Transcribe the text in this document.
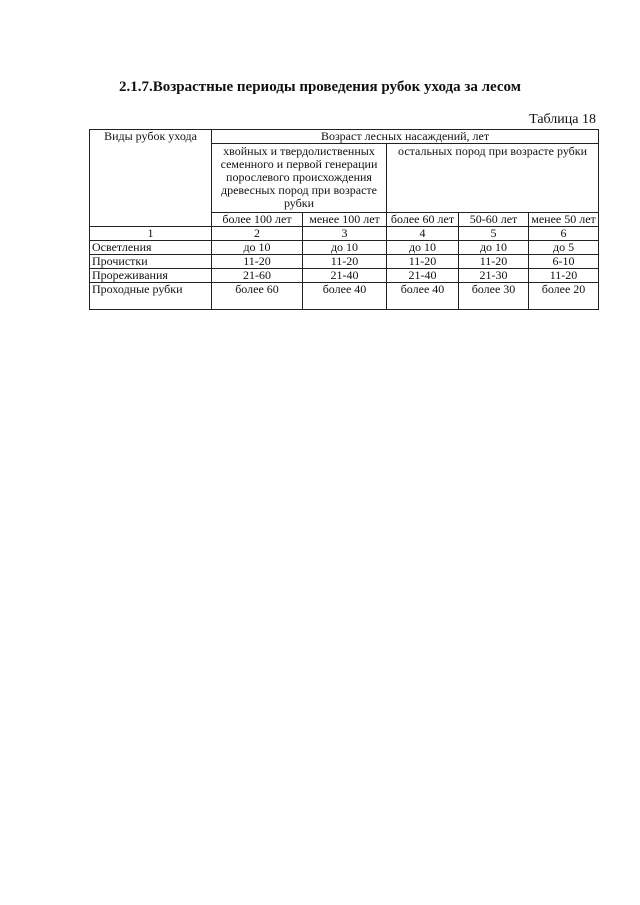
2.1.7.Возрастные периоды проведения рубок ухода за лесом
Таблица 18
Виды рубок ухода	Возраст лесных насаждений, лет				
	хвойных и твердолиственных семенного и первой генерации порослевого происхождения древесных пород при возрасте рубки		остальных пород при возрасте рубки		
	более 100 лет	менее 100 лет	более 60 лет	50-60 лет	менее 50 лет
1	2	3	4	5	6
Осветления	до 10	до 10	до 10	до 10	до 5
Прочистки	11-20	11-20	11-20	11-20	6-10
Прореживания	21-60	21-40	21-40	21-30	11-20
Проходные рубки	более 60	более 40	более 40	более 30	более 20
